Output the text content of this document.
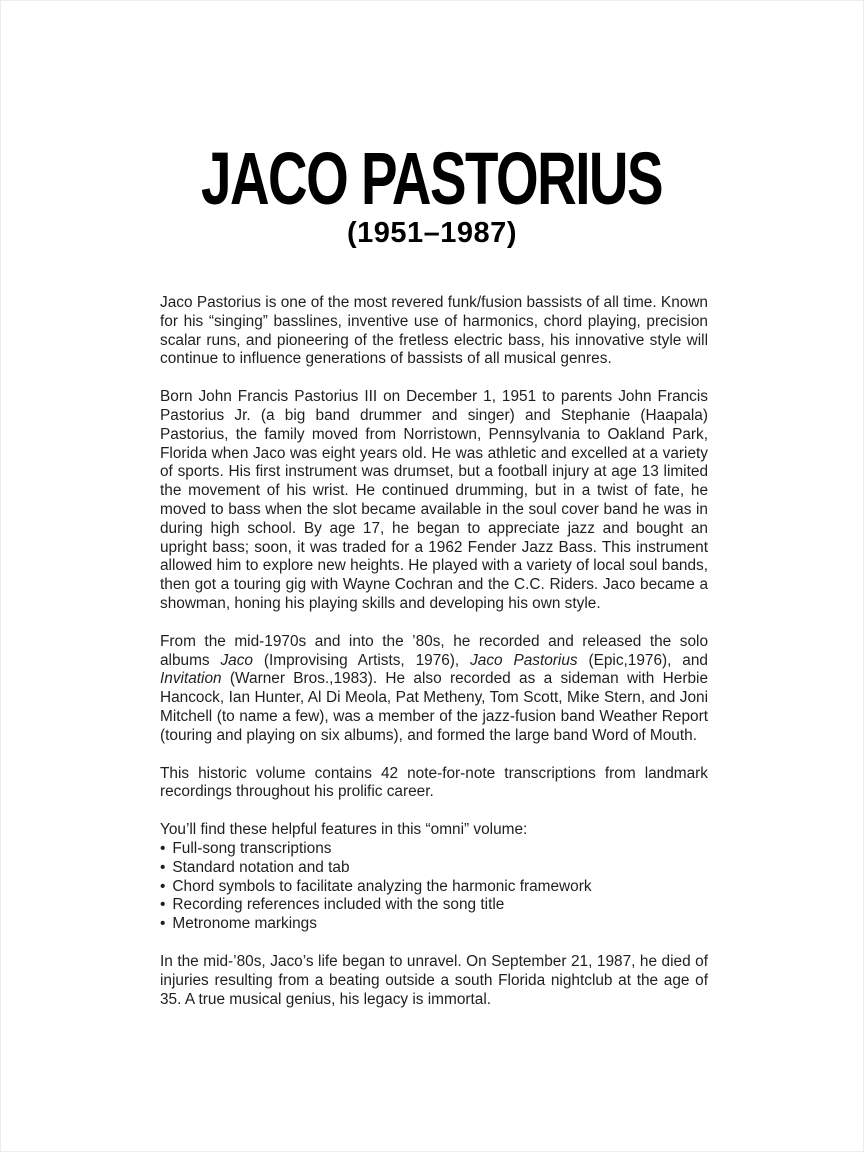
JACO PASTORIUS
(1951–1987)

Jaco Pastorius is one of the most revered funk/fusion bassists of all time. Known for his “singing” basslines, inventive use of harmonics, chord playing, precision scalar runs, and pioneering of the fretless electric bass, his innovative style will continue to influence generations of bassists of all musical genres.

Born John Francis Pastorius III on December 1, 1951 to parents John Francis Pastorius Jr. (a big band drummer and singer) and Stephanie (Haapala) Pastorius, the family moved from Norristown, Pennsylvania to Oakland Park, Florida when Jaco was eight years old. He was athletic and excelled at a variety of sports. His first instrument was drumset, but a football injury at age 13 limited the movement of his wrist. He continued drumming, but in a twist of fate, he moved to bass when the slot became available in the soul cover band he was in during high school. By age 17, he began to appreciate jazz and bought an upright bass; soon, it was traded for a 1962 Fender Jazz Bass. This instrument allowed him to explore new heights. He played with a variety of local soul bands, then got a touring gig with Wayne Cochran and the C.C. Riders. Jaco became a showman, honing his playing skills and developing his own style.

From the mid-1970s and into the ’80s, he recorded and released the solo albums Jaco (Improvising Artists, 1976), Jaco Pastorius (Epic,1976), and Invitation (Warner Bros.,1983). He also recorded as a sideman with Herbie Hancock, Ian Hunter, Al Di Meola, Pat Metheny, Tom Scott, Mike Stern, and Joni Mitchell (to name a few), was a member of the jazz-fusion band Weather Report (touring and playing on six albums), and formed the large band Word of Mouth.

This historic volume contains 42 note-for-note transcriptions from landmark recordings throughout his prolific career.

You’ll find these helpful features in this “omni” volume:

• Full-song transcriptions
• Standard notation and tab
• Chord symbols to facilitate analyzing the harmonic framework
• Recording references included with the song title
• Metronome markings

In the mid-’80s, Jaco’s life began to unravel. On September 21, 1987, he died of injuries resulting from a beating outside a south Florida nightclub at the age of 35. A true musical genius, his legacy is immortal.
